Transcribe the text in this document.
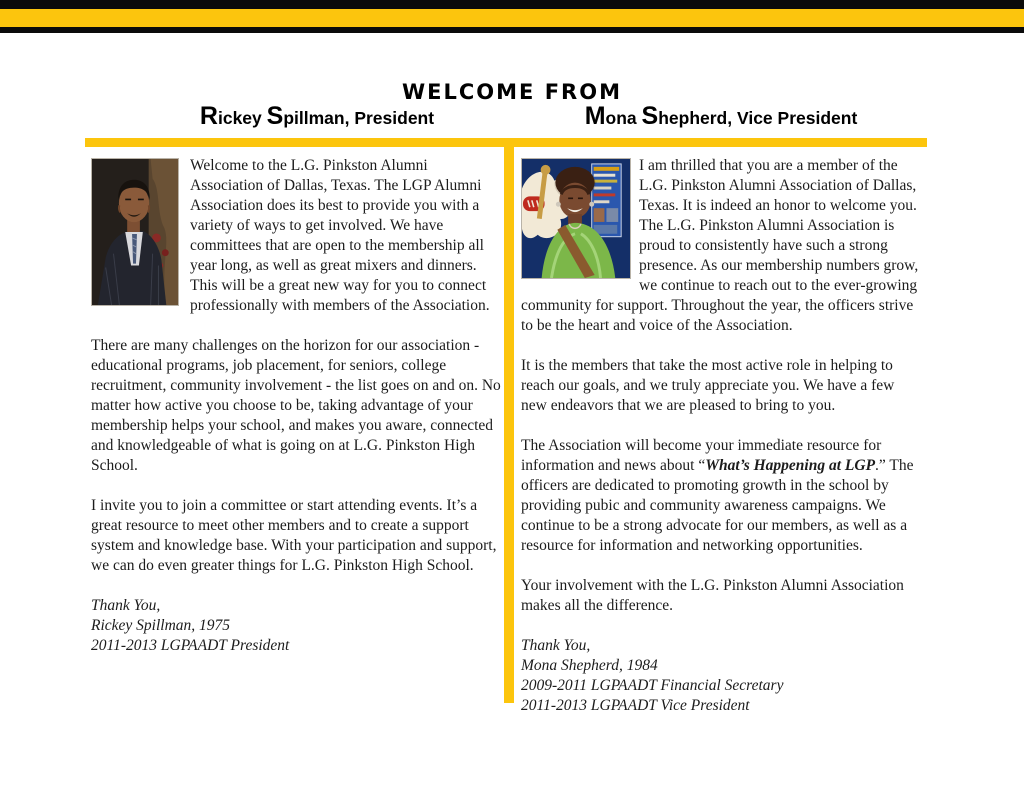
WELCOME FROM
Rickey Spillman, President	Mona Shepherd, Vice President

Welcome to the L.G. Pinkston Alumni Association of Dallas, Texas. The LGP Alumni Association does its best to provide you with a variety of ways to get involved. We have committees that are open to the membership all year long, as well as great mixers and dinners. This will be a great new way for you to connect professionally with members of the Association.

There are many challenges on the horizon for our association - educational programs, job placement, for seniors, college recruitment, community involvement - the list goes on and on. No matter how active you choose to be, taking advantage of your membership helps your school, and makes you aware, connected and knowledgeable of what is going on at L.G. Pinkston High School.

I invite you to join a committee or start attending events. It’s a great resource to meet other members and to create a support system and knowledge base. With your participation and support, we can do even greater things for L.G. Pinkston High School.

Thank You,
Rickey Spillman, 1975
2011-2013 LGPAADT President

I am thrilled that you are a member of the L.G. Pinkston Alumni Association of Dallas, Texas. It is indeed an honor to welcome you. The L.G. Pinkston Alumni Association is proud to consistently have such a strong presence. As our membership numbers grow, we continue to reach out to the ever-growing community for support. Throughout the year, the officers strive to be the heart and voice of the Association.

It is the members that take the most active role in helping to reach our goals, and we truly appreciate you. We have a few new endeavors that we are pleased to bring to you.

The Association will become your immediate resource for information and news about “What’s Happening at LGP.” The officers are dedicated to promoting growth in the school by providing pubic and community awareness campaigns. We continue to be a strong advocate for our members, as well as a resource for information and networking opportunities.

Your involvement with the L.G. Pinkston Alumni Association makes all the difference.

Thank You,
Mona Shepherd, 1984
2009-2011 LGPAADT Financial Secretary
2011-2013 LGPAADT Vice President
